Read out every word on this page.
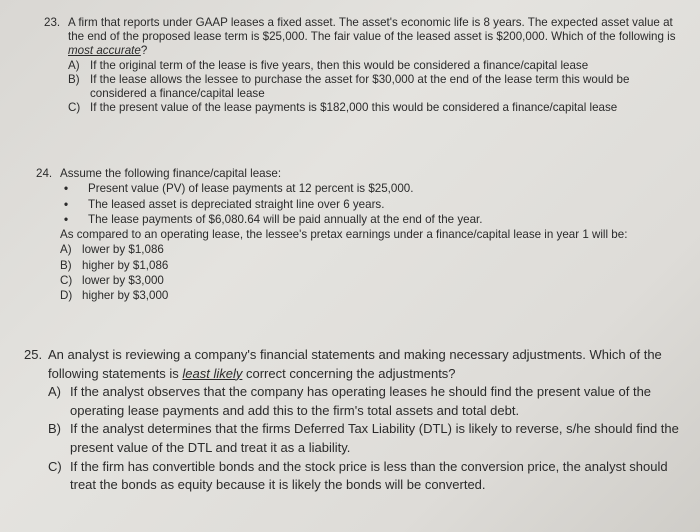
23. A firm that reports under GAAP leases a fixed asset. The asset's economic life is 8 years. The expected asset value at the end of the proposed lease term is $25,000. The fair value of the leased asset is $200,000. Which of the following is most accurate?
A) If the original term of the lease is five years, then this would be considered a finance/capital lease
B) If the lease allows the lessee to purchase the asset for $30,000 at the end of the lease term this would be considered a finance/capital lease
C) If the present value of the lease payments is $182,000 this would be considered a finance/capital lease
24. Assume the following finance/capital lease:
•	Present value (PV) of lease payments at 12 percent is $25,000.
•	The leased asset is depreciated straight line over 6 years.
•	The lease payments of $6,080.64 will be paid annually at the end of the year.
As compared to an operating lease, the lessee's pretax earnings under a finance/capital lease in year 1 will be:
A) lower by $1,086
B) higher by $1,086
C) lower by $3,000
D) higher by $3,000
25. An analyst is reviewing a company's financial statements and making necessary adjustments. Which of the following statements is least likely correct concerning the adjustments?
A) If the analyst observes that the company has operating leases he should find the present value of the operating lease payments and add this to the firm's total assets and total debt.
B) If the analyst determines that the firms Deferred Tax Liability (DTL) is likely to reverse, s/he should find the present value of the DTL and treat it as a liability.
C) If the firm has convertible bonds and the stock price is less than the conversion price, the analyst should treat the bonds as equity because it is likely the bonds will be converted.
